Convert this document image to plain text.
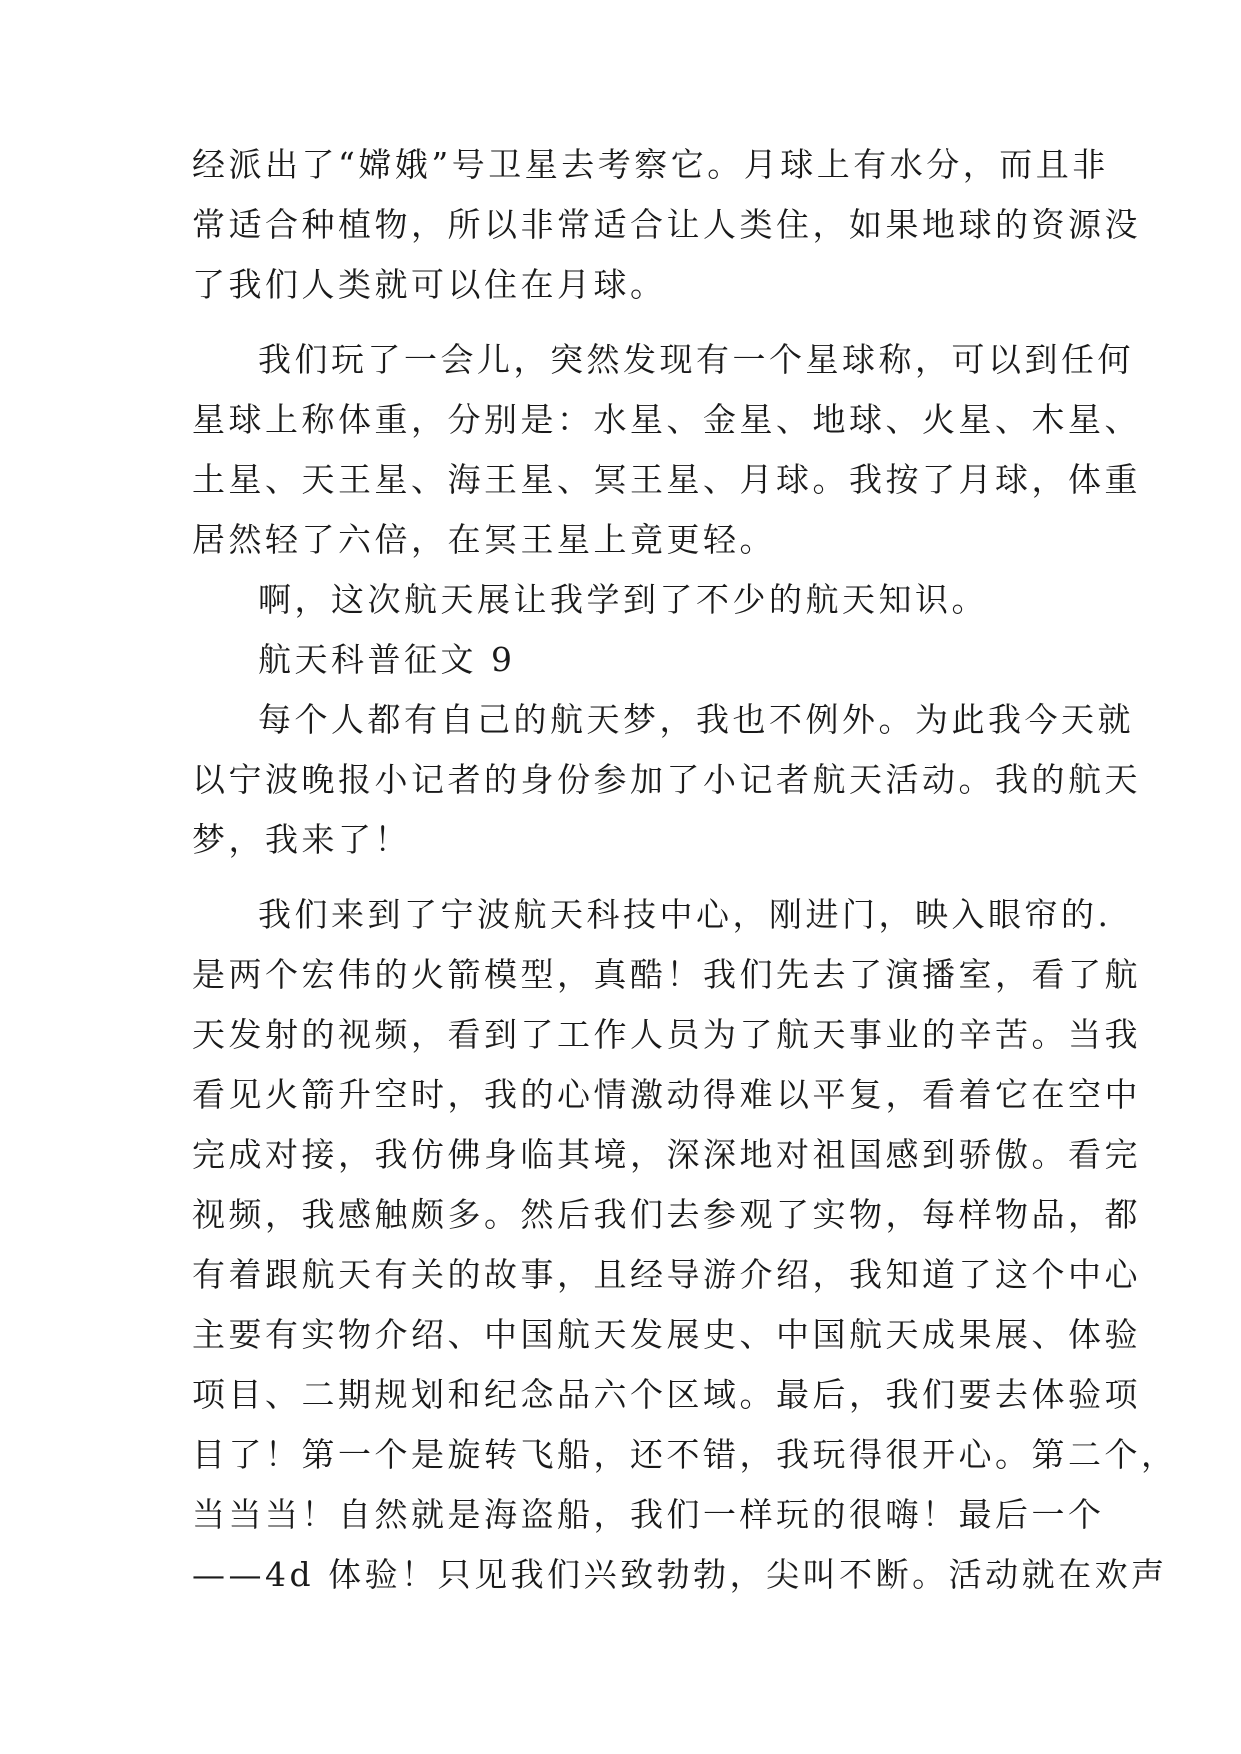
经派出了“嫦娥”号卫星去考察它。月球上有水分，而且非
常适合种植物，所以非常适合让人类住，如果地球的资源没
了我们人类就可以住在月球。
我们玩了一会儿，突然发现有一个星球称，可以到任何
星球上称体重，分别是：水星、金星、地球、火星、木星、
土星、天王星、海王星、冥王星、月球。我按了月球，体重
居然轻了六倍，在冥王星上竟更轻。
啊，这次航天展让我学到了不少的航天知识。
航天科普征文 9
每个人都有自己的航天梦，我也不例外。为此我今天就
以宁波晚报小记者的身份参加了小记者航天活动。我的航天
梦，我来了！
我们来到了宁波航天科技中心，刚进门，映入眼帘的.
是两个宏伟的火箭模型，真酷！我们先去了演播室，看了航
天发射的视频，看到了工作人员为了航天事业的辛苦。当我
看见火箭升空时，我的心情激动得难以平复，看着它在空中
完成对接，我仿佛身临其境，深深地对祖国感到骄傲。看完
视频，我感触颇多。然后我们去参观了实物，每样物品，都
有着跟航天有关的故事，且经导游介绍，我知道了这个中心
主要有实物介绍、中国航天发展史、中国航天成果展、体验
项目、二期规划和纪念品六个区域。最后，我们要去体验项
目了！第一个是旋转飞船，还不错，我玩得很开心。第二个，
当当当！自然就是海盗船，我们一样玩的很嗨！最后一个
——4d 体验！只见我们兴致勃勃，尖叫不断。活动就在欢声
